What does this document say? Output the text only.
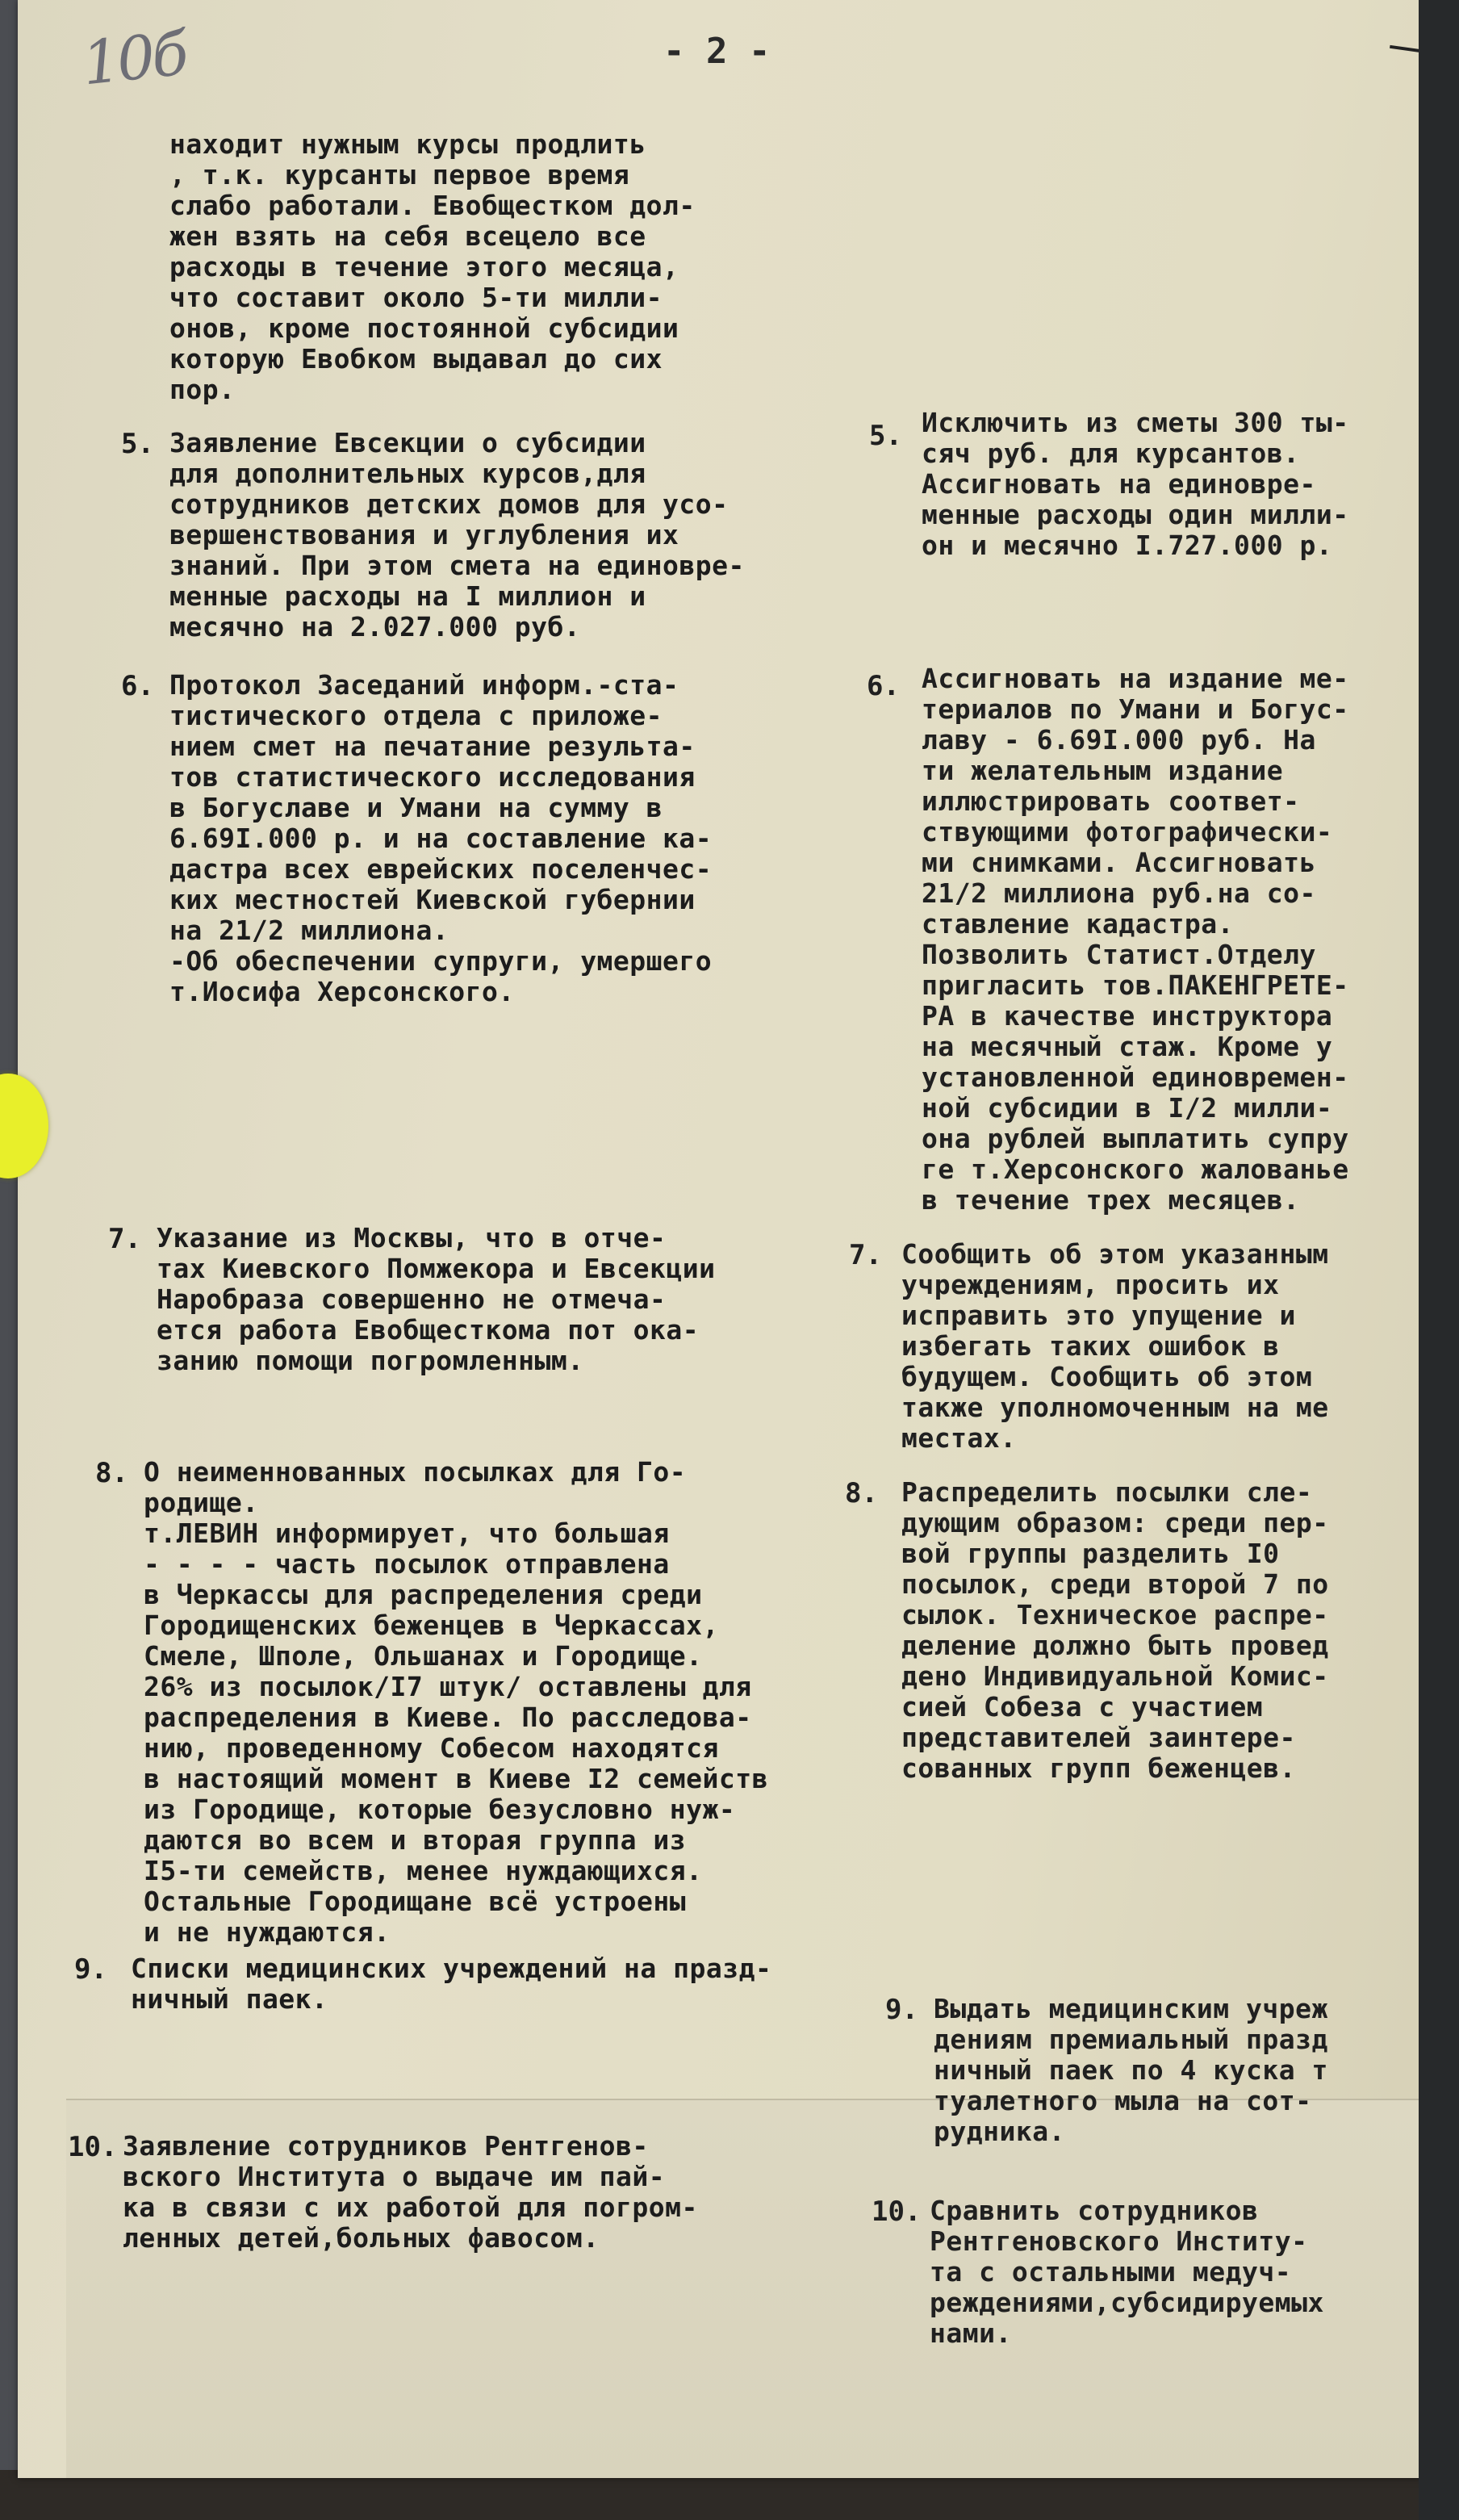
10б	- 2 -
находит нужным курсы продлить
, т.к. курсанты первое время
слабо работали. Евобщестком дол-
жен взять на себя всецело все
расходы в течение этого месяца,
что составит около 5-ти милли-
онов, кроме постоянной субсидии
которую Евобком выдавал до сих
пор.
5. Заявление Евсекции о субсидии
для дополнительных курсов,для
сотрудников детских домов для усо-
вершенствования и углубления их
знаний. При этом смета на единовре-
менные расходы на I миллион и
месячно на 2.027.000 руб.
5. Исключить из сметы 300 ты-
сяч руб. для курсантов.
Ассигновать на единовре-
менные расходы один милли-
он и месячно I.727.000 р.
6. Протокол Заседаний информ.-ста-
тистического отдела с приложе-
нием смет на печатание результа-
тов статистического исследования
в Богуславе и Умани на сумму в
6.69I.000 р. и на составление ка-
дастра всех еврейских поселенчес-
ких местностей Киевской губернии
на 21/2 миллиона.
-Об обеспечении супруги, умершего
т.Иосифа Херсонского.
6. Ассигновать на издание ме-
териалов по Умани и Богус-
лаву - 6.69I.000 руб. На
ти желательным издание
иллюстрировать соответ-
ствующими фотографически-
ми снимками. Ассигновать
21/2 миллиона руб.на со-
ставление кадастра.
Позволить Статист.Отделу
пригласить тов.ПАКЕНГРЕТЕ-
РА в качестве инструктора
на месячный стаж. Кроме у
установленной единовремен-
ной субсидии в I/2 милли-
она рублей выплатить супру
ге т.Херсонского жалованье
в течение трех месяцев.
7. Указание из Москвы, что в отче-
тах Киевского Помжекора и Евсекции
Наробраза совершенно не отмеча-
ется работа Евобщесткома пот ока-
занию помощи погромленным.
7. Сообщить об этом указанным
учреждениям, просить их
исправить это упущение и
избегать таких ошибок в
будущем. Сообщить об этом
также уполномоченным на ме
местах.
8. О неименнованных посылках для Го-
родище.
т.ЛЕВИН информирует, что большая
- - - - часть посылок отправлена
в Черкассы для распределения среди
Городищенских беженцев в Черкассах,
Смеле, Шполе, Ольшанах и Городище.
26% из посылок/I7 штук/ оставлены для
распределения в Киеве. По расследова-
нию, проведенному Собесом находятся
в настоящий момент в Киеве I2 семейств
из Городище, которые безусловно нуж-
даются во всем и вторая группа из
I5-ти семейств, менее нуждающихся.
Остальные Городищане всё устроены
и не нуждаются.
8. Распределить посылки сле-
дующим образом: среди пер-
вой группы разделить I0
посылок, среди второй 7 по
сылок. Техническое распре-
деление должно быть провед
дено Индивидуальной Комис-
сией Собеза с участием
представителей заинтере-
сованных групп беженцев.
9. Списки медицинских учреждений на празд-
ничный паек.	9. Выдать медицинским учреж
дениям премиальный празд
ничный паек по 4 куска т
туалетного мыла на сот-
рудника.
10. Заявление сотрудников Рентгенов-
вского Института о выдаче им пай-
ка в связи с их работой для погром-
ленных детей,больных фавосом.
10. Сравнить сотрудников
Рентгеновского Институ-
та с остальными медуч-
реждениями,субсидируемых
нами.
